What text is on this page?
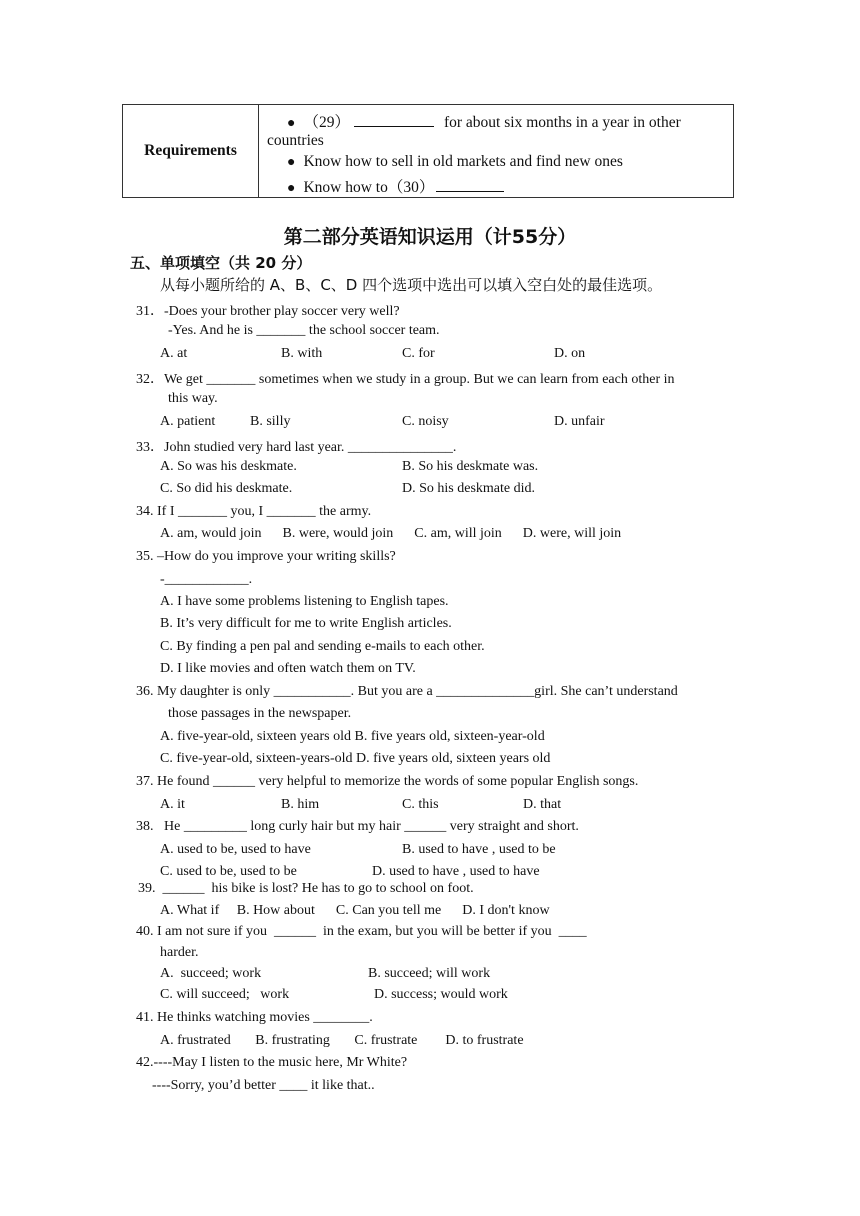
Requirements	
● （29）	for about six months in a year in other
countries
● Know how to sell in old markets and find new ones
● Know how to（30）
第二部分英语知识运用（计55分）
五、单项填空（共 20 分）
从每小题所给的 A、B、C、D 四个选项中选出可以填入空白处的最佳选项。
31．-Does your brother play soccer very well?
-Yes. And he is _______ the school soccer team.
A. at	B. with	C. for	D. on
32．We get _______ sometimes when we study in a group. But we can learn from each other in
this way.
A. patient B. silly	C. noisy	D. unfair
33．John studied very hard last year. _______________.
A. So was his deskmate.	B. So his deskmate was.
C. So did his deskmate.	D. So his deskmate did.
34. If I _______ you, I _______ the army.
A. am, would join      B. were, would join      C. am, will join      D. were, will join
35. –How do you improve your writing skills?
-____________.
A. I have some problems listening to English tapes.
B. It’s very difficult for me to write English articles.
C. By finding a pen pal and sending e-mails to each other.
D. I like movies and often watch them on TV.
36. My daughter is only ___________. But you are a ______________girl. She can’t understand
those passages in the newspaper.
A. five-year-old, sixteen years old B. five years old, sixteen-year-old
C. five-year-old, sixteen-years-old D. five years old, sixteen years old
37. He found ______ very helpful to memorize the words of some popular English songs.
A. it	B. him	C. this	D. that
38.   He _________ long curly hair but my hair ______ very straight and short.
A. used to be, used to have	B. used to have , used to be
C. used to be, used to be	D. used to have , used to have
39.  ______  his bike is lost? He has to go to school on foot.
A. What if     B. How about      C. Can you tell me      D. I don't know
40. I am not sure if you  ______  in the exam, but you will be better if you  ____
harder.
A.  succeed; work	B. succeed; will work
C. will succeed;   work	D. success; would work
41. He thinks watching movies ________.
A. frustrated       B. frustrating       C. frustrate        D. to frustrate
42.----May I listen to the music here, Mr White?
----Sorry, you’d better ____ it like that..
